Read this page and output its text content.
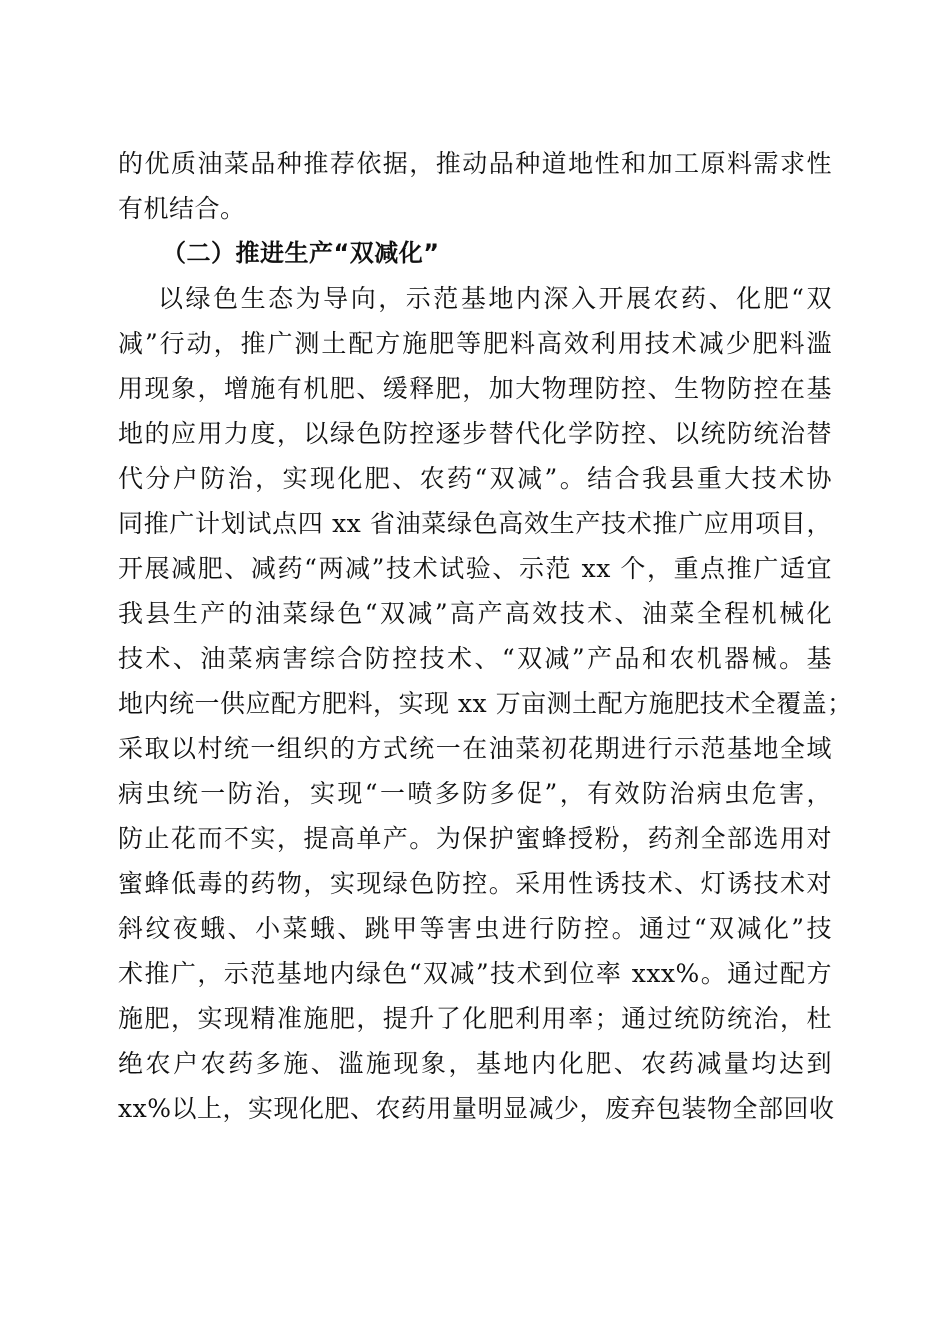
的优质油菜品种推荐依据，推动品种道地性和加工原料需求性
有机结合。
（二）推进生产“双减化”
以绿色生态为导向，示范基地内深入开展农药、化肥“双
减”行动，推广测土配方施肥等肥料高效利用技术减少肥料滥
用现象，增施有机肥、缓释肥，加大物理防控、生物防控在基
地的应用力度，以绿色防控逐步替代化学防控、以统防统治替
代分户防治，实现化肥、农药“双减”。结合我县重大技术协
同推广计划试点四 xx 省油菜绿色高效生产技术推广应用项目，
开展减肥、减药“两减”技术试验、示范 xx 个，重点推广适宜
我县生产的油菜绿色“双减”高产高效技术、油菜全程机械化
技术、油菜病害综合防控技术、“双减”产品和农机器械。基
地内统一供应配方肥料，实现 xx 万亩测土配方施肥技术全覆盖；
采取以村统一组织的方式统一在油菜初花期进行示范基地全域
病虫统一防治，实现“一喷多防多促”，有效防治病虫危害，
防止花而不实，提高单产。为保护蜜蜂授粉，药剂全部选用对
蜜蜂低毒的药物，实现绿色防控。采用性诱技术、灯诱技术对
斜纹夜蛾、小菜蛾、跳甲等害虫进行防控。通过“双减化”技
术推广，示范基地内绿色“双减”技术到位率 xxx%。通过配方
施肥，实现精准施肥，提升了化肥利用率；通过统防统治，杜
绝农户农药多施、滥施现象，基地内化肥、农药减量均达到
xx%以上，实现化肥、农药用量明显减少，废弃包装物全部回收
